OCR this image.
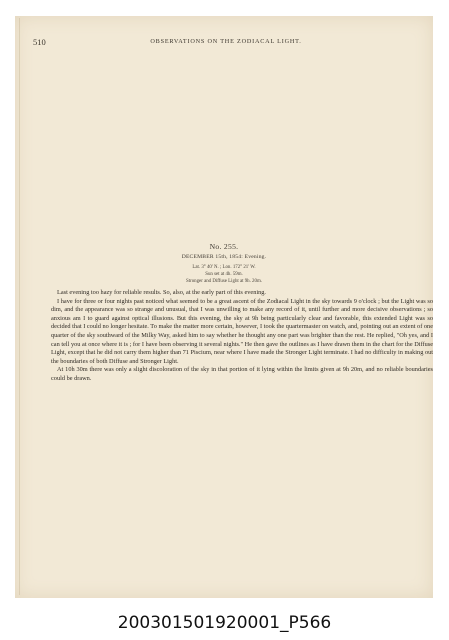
510	OBSERVATIONS ON THE ZODIACAL LIGHT.
No. 255.
DECEMBER 15th, 1854: Evening.
Lat. 3° 40' N. ; Lon. 172° 21' W.
Sun set at 4h. 59m.
Stronger and Diffuse Light at 9h. 20m.

Last evening too hazy for reliable results. So, also, at the early part of this evening.

I have for three or four nights past noticed what seemed to be a great ascent of the Zodiacal Light in the sky towards 9 o'clock ; but the Light was so dim, and the appearance was so strange and unusual, that I was unwilling to make any record of it, until further and more decisive observations ; so anxious am I to guard against optical illusions. But this evening, the sky at 9h being particularly clear and favorable, this extended Light was so decided that I could no longer hesitate. To make the matter more certain, however, I took the quartermaster on watch, and, pointing out an extent of one quarter of the sky southward of the Milky Way, asked him to say whether he thought any one part was brighter than the rest. He replied, "Oh yes, and I can tell you at once where it is ; for I have been observing it several nights." He then gave the outlines as I have drawn them in the chart for the Diffuse Light, except that he did not carry them higher than 71 Piscium, near where I have made the Stronger Light terminate. I had no difficulty in making out the boundaries of both Diffuse and Stronger Light.

At 10h 30m there was only a slight discoloration of the sky in that portion of it lying within the limits given at 9h 20m, and no reliable boundaries could be drawn.

200301501920001_P566
